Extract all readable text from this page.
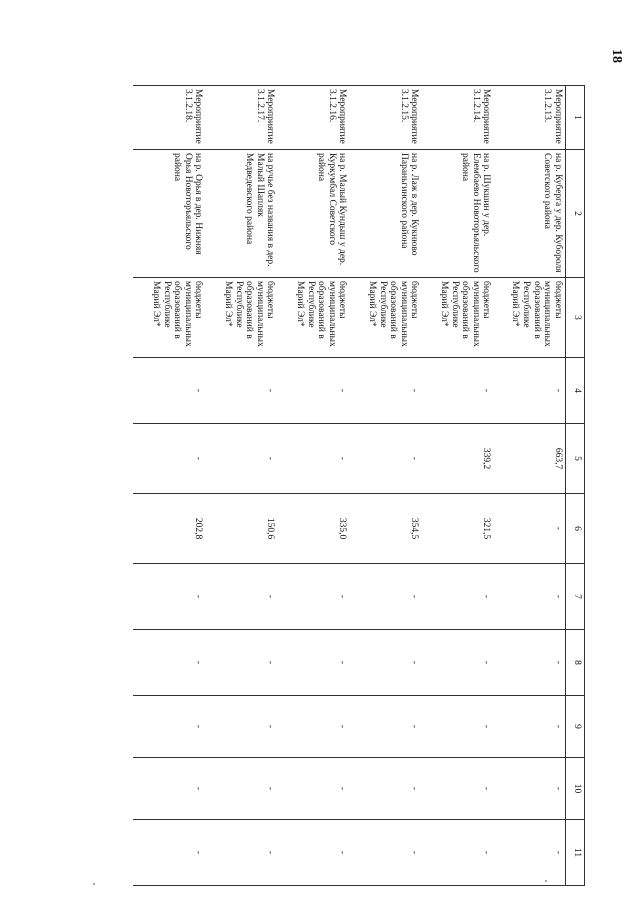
18
1	2	3	4	5	6	7	8	9	10	11
Мероприятие 3.1.2.13.	на р. Куберга у дер. Кубороля Советского района	бюджеты муниципальных образований в Республике Марий Эл*	-	663,7	-	-	-	-	-	-
Мероприятие 3.1.2.14.	на р. Шукшин у дер. Елембаево Новоторъяльского района	бюджеты муниципальных образований в Республике Марий Эл*	-	339,2	321,5	-	-	-	-	-
Мероприятие 3.1.2.15.	на р. Лаж в дер. Кукнюво Параньгинского района	бюджеты муниципальных образований в Республике Марий Эл*	-	-	354,5	-	-	-	-	-
Мероприятие 3.1.2.16.	на р. Малый Кундыш у дер. Куркумбал Советского района	бюджеты муниципальных образований в Республике Марий Эл*	-	-	335,0	-	-	-	-	-
Мероприятие 3.1.2.17.	на ручье без названия в дер. Малый Шапляк Медведевского района	бюджеты муниципальных образований в Республике Марий Эл*	-	-	150,6	-	-	-	-	-
Мероприятие 3.1.2.18.	на р. Орья в дер. Нижняя Орья Новоторъяльского района	бюджеты муниципальных образований в Республике Марий Эл*	-	-	202,8	-	-	-	-	-
